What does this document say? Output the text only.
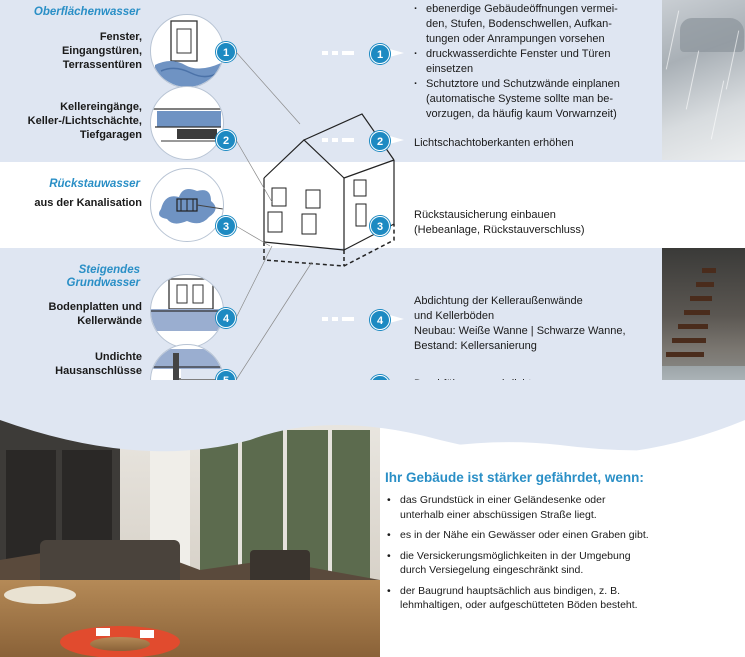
Oberflächenwasser
Rückstauwasser
Steigendes
Grundwasser
Fenster,
Eingangstüren,
Terrassentüren
Kellereingänge,
Keller-/Lichtschächte,
Tiefgaragen
aus der Kanalisation
Bodenplatten und
Kellerwände
Undichte
Hausanschlüsse
1
2
3
4
1
2
3
4
· ebenerdige Gebäudeöffnungen vermei-
den, Stufen, Bodenschwellen, Aufkan-
tungen oder Anrampungen vorsehen
· druckwasserdichte Fenster und Türen
einsetzen
· Schutztore und Schutzwände einplanen
(automatische Systeme sollte man be-
vorzugen, da häufig kaum Vorwarnzeit)
Lichtschachtoberkanten erhöhen
Rückstausicherung einbauen
(Hebeanlage, Rückstauverschluss)
Abdichtung der Kelleraußenwände
und Kellerböden
Neubau: Weiße Wanne | Schwarze Wanne,
Bestand: Kellersanierung
Ihr Gebäude ist stärker gefährdet, wenn:
• das Grundstück in einer Geländesenke oder
unterhalb einer abschüssigen Straße liegt.
• es in der Nähe ein Gewässer oder einen Graben gibt.
• die Versickerungsmöglichkeiten in der Umgebung
durch Versiegelung eingeschränkt sind.
• der Baugrund hauptsächlich aus bindigen, z. B.
lehmhaltigen, oder aufgeschütteten Böden besteht.
